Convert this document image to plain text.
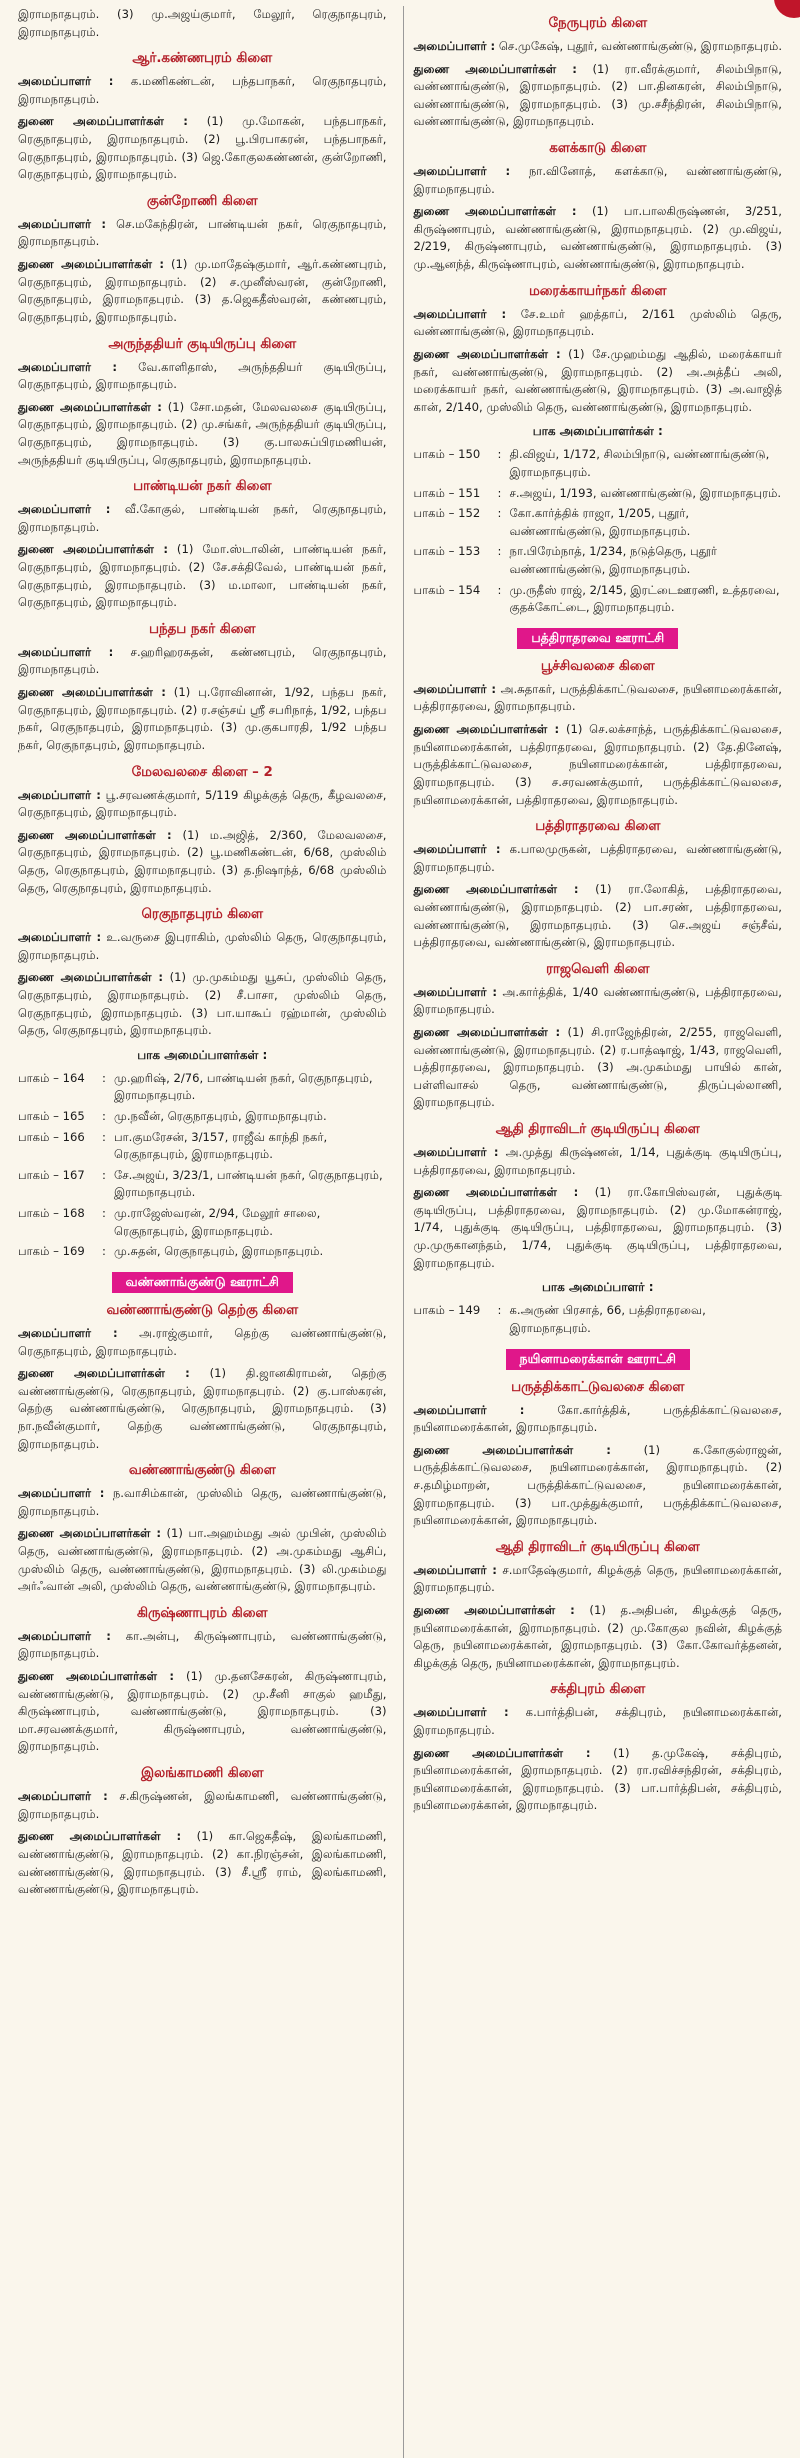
இராமநாதபுரம். (3) மு.அஜய்குமார், மேலூர், ரெகுநாதபுரம், இராமநாதபுரம்.

ஆர்.கண்ணபுரம் கிளை

அமைப்பாளர் : க.மணிகண்டன், பந்தபாநகர், ரெகுநாதபுரம், இராமநாதபுரம்.

துணை அமைப்பாளர்கள் : (1) மு.மோகன், பந்தபாநகர், ரெகுநாதபுரம், இராமநாதபுரம். (2) பூ.பிரபாகரன், பந்தபாநகர், ரெகுநாதபுரம், இராமநாதபுரம். (3) ஜெ.கோகுலகண்ணன், குன்றோணி, ரெகுநாதபுரம், இராமநாதபுரம்.

குன்றோணி கிளை

அமைப்பாளர் : செ.மகேந்திரன், பாண்டியன் நகர், ரெகுநாதபுரம், இராமநாதபுரம்.

துணை அமைப்பாளர்கள் : (1) மு.மாதேஷ்குமார், ஆர்.கண்ணபுரம், ரெகுநாதபுரம், இராமநாதபுரம். (2) ச.முனீஸ்வரன், குன்றோணி, ரெகுநாதபுரம், இராமநாதபுரம். (3) த.ஜெகதீஸ்வரன், கண்ணபுரம், ரெகுநாதபுரம், இராமநாதபுரம்.

அருந்ததியர் குடியிருப்பு கிளை

அமைப்பாளர் : வே.காளிதாஸ், அருந்ததியர் குடியிருப்பு, ரெகுநாதபுரம், இராமநாதபுரம்.

துணை அமைப்பாளர்கள் : (1) சோ.மதன், மேலவலசை குடியிருப்பு, ரெகுநாதபுரம், இராமநாதபுரம். (2) மு.சங்கர், அருந்ததியர் குடியிருப்பு, ரெகுநாதபுரம், இராமநாதபுரம். (3) கு.பாலசுப்பிரமணியன், அருந்ததியர் குடியிருப்பு, ரெகுநாதபுரம், இராமநாதபுரம்.

பாண்டியன் நகர் கிளை

அமைப்பாளர் : வீ.கோகுல், பாண்டியன் நகர், ரெகுநாதபுரம், இராமநாதபுரம்.

துணை அமைப்பாளர்கள் : (1) மோ.ஸ்டாலின், பாண்டியன் நகர், ரெகுநாதபுரம், இராமநாதபுரம். (2) சே.சக்திவேல், பாண்டியன் நகர், ரெகுநாதபுரம், இராமநாதபுரம். (3) ம.மாலா, பாண்டியன் நகர், ரெகுநாதபுரம், இராமநாதபுரம்.

பந்தப நகர் கிளை

அமைப்பாளர் : ச.ஹரிஹரசுதன், கண்ணபுரம், ரெகுநாதபுரம், இராமநாதபுரம்.

துணை அமைப்பாளர்கள் : (1) பு.ரோவினான், 1/92, பந்தப நகர், ரெகுநாதபுரம், இராமநாதபுரம். (2) ர.சஞ்சய் ஸ்ரீ சபரிநாத், 1/92, பந்தப நகர், ரெகுநாதபுரம், இராமநாதபுரம். (3) மு.குகபாரதி, 1/92 பந்தப நகர், ரெகுநாதபுரம், இராமநாதபுரம்.

மேலவலசை கிளை – 2

அமைப்பாளர் : பூ.சரவணக்குமார், 5/119 கிழக்குத் தெரு, கீழவலசை, ரெகுநாதபுரம், இராமநாதபுரம்.

துணை அமைப்பாளர்கள் : (1) ம.அஜித், 2/360, மேலவலசை, ரெகுநாதபுரம், இராமநாதபுரம். (2) பூ.மணிகண்டன், 6/68, முஸ்லிம் தெரு, ரெகுநாதபுரம், இராமநாதபுரம். (3) த.நிஷாந்த், 6/68 முஸ்லிம் தெரு, ரெகுநாதபுரம், இராமநாதபுரம்.

ரெகுநாதபுரம் கிளை

அமைப்பாளர் : உ.வருசை இபுராகிம், முஸ்லிம் தெரு, ரெகுநாதபுரம், இராமநாதபுரம்.

துணை அமைப்பாளர்கள் : (1) மு.முகம்மது யூசுப், முஸ்லிம் தெரு, ரெகுநாதபுரம், இராமநாதபுரம். (2) சீ.பாசா, முஸ்லிம் தெரு, ரெகுநாதபுரம், இராமநாதபுரம். (3) பா.யாகூப் ரஹ்மான், முஸ்லிம் தெரு, ரெகுநாதபுரம், இராமநாதபுரம்.

பாக அமைப்பாளர்கள் :
பாகம் – 164	:	மு.ஹரிஷ், 2/76, பாண்டியன் நகர், ரெகுநாதபுரம், இராமநாதபுரம்.
பாகம் – 165	:	மு.நவீன், ரெகுநாதபுரம், இராமநாதபுரம்.
பாகம் – 166	:	பா.குமரேசன், 3/157, ராஜீவ் காந்தி நகர், ரெகுநாதபுரம், இராமநாதபுரம்.
பாகம் – 167	:	சே.அஜய், 3/23/1, பாண்டியன் நகர், ரெகுநாதபுரம், இராமநாதபுரம்.
பாகம் – 168	:	மு.ராஜேஸ்வரன், 2/94, மேலூர் சாலை, ரெகுநாதபுரம், இராமநாதபுரம்.
பாகம் – 169	:	மு.சுதன், ரெகுநாதபுரம், இராமநாதபுரம்.
வண்ணாங்குண்டு ஊராட்சி
வண்ணாங்குண்டு தெற்கு கிளை

அமைப்பாளர் : அ.ராஜ்குமார், தெற்கு வண்ணாங்குண்டு, ரெகுநாதபுரம், இராமநாதபுரம்.

துணை அமைப்பாளர்கள் : (1) தி.ஜானகிராமன், தெற்கு வண்ணாங்குண்டு, ரெகுநாதபுரம், இராமநாதபுரம். (2) கு.பாஸ்கரன், தெற்கு வண்ணாங்குண்டு, ரெகுநாதபுரம், இராமநாதபுரம். (3) நா.நவீன்குமார், தெற்கு வண்ணாங்குண்டு, ரெகுநாதபுரம், இராமநாதபுரம்.

வண்ணாங்குண்டு கிளை

அமைப்பாளர் : ந.வாசிம்கான், முஸ்லிம் தெரு, வண்ணாங்குண்டு, இராமநாதபுரம்.

துணை அமைப்பாளர்கள் : (1) பா.அஹம்மது அல் முபின், முஸ்லிம் தெரு, வண்ணாங்குண்டு, இராமநாதபுரம். (2) அ.முகம்மது ஆசிப், முஸ்லிம் தெரு, வண்ணாங்குண்டு, இராமநாதபுரம். (3) லி.முகம்மது அர்ஃவான் அலி, முஸ்லிம் தெரு, வண்ணாங்குண்டு, இராமநாதபுரம்.

கிருஷ்ணாபுரம் கிளை

அமைப்பாளர் : கா.அன்பு, கிருஷ்ணாபுரம், வண்ணாங்குண்டு, இராமநாதபுரம்.

துணை அமைப்பாளர்கள் : (1) மு.தனசேகரன், கிருஷ்ணாபுரம், வண்ணாங்குண்டு, இராமநாதபுரம். (2) மு.சீனி சாகுல் ஹமீது, கிருஷ்ணாபுரம், வண்ணாங்குண்டு, இராமநாதபுரம். (3) மா.சரவணக்குமார், கிருஷ்ணாபுரம், வண்ணாங்குண்டு, இராமநாதபுரம்.

இலங்காமணி கிளை

அமைப்பாளர் : ச.கிருஷ்ணன், இலங்காமணி, வண்ணாங்குண்டு, இராமநாதபுரம்.

துணை அமைப்பாளர்கள் : (1) கா.ஜெகதீஷ், இலங்காமணி, வண்ணாங்குண்டு, இராமநாதபுரம். (2) கா.நிரஞ்சன், இலங்காமணி, வண்ணாங்குண்டு, இராமநாதபுரம். (3) சீ.ஸ்ரீ ராம், இலங்காமணி, வண்ணாங்குண்டு, இராமநாதபுரம்.

நேருபுரம் கிளை

அமைப்பாளர் : செ.முகேஷ், புதூர், வண்ணாங்குண்டு, இராமநாதபுரம்.

துணை அமைப்பாளர்கள் : (1) ரா.வீரக்குமார், சிலம்பிநாடு, வண்ணாங்குண்டு, இராமநாதபுரம். (2) பா.தினகரன், சிலம்பிநாடு, வண்ணாங்குண்டு, இராமநாதபுரம். (3) மு.சசீந்திரன், சிலம்பிநாடு, வண்ணாங்குண்டு, இராமநாதபுரம்.

களக்காடு கிளை

அமைப்பாளர் : நா.வினோத், களக்காடு, வண்ணாங்குண்டு, இராமநாதபுரம்.

துணை அமைப்பாளர்கள் : (1) பா.பாலகிருஷ்ணன், 3/251, கிருஷ்ணாபுரம், வண்ணாங்குண்டு, இராமநாதபுரம். (2) மு.விஜய், 2/219, கிருஷ்ணாபுரம், வண்ணாங்குண்டு, இராமநாதபுரம். (3) மு.ஆனந்த், கிருஷ்ணாபுரம், வண்ணாங்குண்டு, இராமநாதபுரம்.

மரைக்காயர்நகர் கிளை

அமைப்பாளர் : சே.உமர் ஹத்தாப், 2/161 முஸ்லிம் தெரு, வண்ணாங்குண்டு, இராமநாதபுரம்.

துணை அமைப்பாளர்கள் : (1) சே.முஹம்மது ஆதில், மரைக்காயர் நகர், வண்ணாங்குண்டு, இராமநாதபுரம். (2) அ.அத்தீப் அலி, மரைக்காயர் நகர், வண்ணாங்குண்டு, இராமநாதபுரம். (3) அ.வாஜித் கான், 2/140, முஸ்லிம் தெரு, வண்ணாங்குண்டு, இராமநாதபுரம்.

பாக அமைப்பாளர்கள் :
பாகம் – 150	:	தி.விஜய், 1/172, சிலம்பிநாடு, வண்ணாங்குண்டு, இராமநாதபுரம்.
பாகம் – 151	:	ச.அஜய், 1/193, வண்ணாங்குண்டு, இராமநாதபுரம்.
பாகம் – 152	:	கோ.கார்த்திக் ராஜா, 1/205, புதூர், வண்ணாங்குண்டு, இராமநாதபுரம்.
பாகம் – 153	:	நா.பிரேம்நாத், 1/234, நடுத்தெரு, புதூர் வண்ணாங்குண்டு, இராமநாதபுரம்.
பாகம் – 154	:	மு.ருதீஸ் ராஜ், 2/145, இரட்டைஊரணி, உத்தரவை, குதக்கோட்டை, இராமநாதபுரம்.
பத்திராதரவை ஊராட்சி
பூச்சிவலசை கிளை

அமைப்பாளர் : அ.சுதாகர், பருத்திக்காட்டுவலசை, நயினாமரைக்கான், பத்திராதரவை, இராமநாதபுரம்.

துணை அமைப்பாளர்கள் : (1) செ.லக்சாந்த், பருத்திக்காட்டுவலசை, நயினாமரைக்கான், பத்திராதரவை, இராமநாதபுரம். (2) தே.தினேஷ், பருத்திக்காட்டுவலசை, நயினாமரைக்கான், பத்திராதரவை, இராமநாதபுரம். (3) ச.சரவணக்குமார், பருத்திக்காட்டுவலசை, நயினாமரைக்கான், பத்திராதரவை, இராமநாதபுரம்.

பத்திராதரவை கிளை

அமைப்பாளர் : க.பாலமுருகன், பத்திராதரவை, வண்ணாங்குண்டு, இராமநாதபுரம்.

துணை அமைப்பாளர்கள் : (1) ரா.லோகித், பத்திராதரவை, வண்ணாங்குண்டு, இராமநாதபுரம். (2) பா.சரண், பத்திராதரவை, வண்ணாங்குண்டு, இராமநாதபுரம். (3) செ.அஜய் சஞ்சீவ், பத்திராதரவை, வண்ணாங்குண்டு, இராமநாதபுரம்.

ராஜவெளி கிளை

அமைப்பாளர் : அ.கார்த்திக், 1/40 வண்ணாங்குண்டு, பத்திராதரவை, இராமநாதபுரம்.

துணை அமைப்பாளர்கள் : (1) சி.ராஜேந்திரன், 2/255, ராஜவெளி, வண்ணாங்குண்டு, இராமநாதபுரம். (2) ர.பாத்ஷாஜ், 1/43, ராஜவெளி, பத்திராதரவை, இராமநாதபுரம். (3) அ.முகம்மது பாயில் கான், பள்ளிவாசல் தெரு, வண்ணாங்குண்டு, திருப்புல்லாணி, இராமநாதபுரம்.

ஆதி திராவிடர் குடியிருப்பு கிளை

அமைப்பாளர் : அ.முத்து கிருஷ்ணன், 1/14, புதுக்குடி குடியிருப்பு, பத்திராதரவை, இராமநாதபுரம்.

துணை அமைப்பாளர்கள் : (1) ரா.கோபிஸ்வரன், புதுக்குடி குடியிருப்பு, பத்திராதரவை, இராமநாதபுரம். (2) மு.மோகன்ராஜ், 1/74, புதுக்குடி குடியிருப்பு, பத்திராதரவை, இராமநாதபுரம். (3) மு.முருகானந்தம், 1/74, புதுக்குடி குடியிருப்பு, பத்திராதரவை, இராமநாதபுரம்.

பாக அமைப்பாளர் :
பாகம் – 149	:	க.அருண் பிரசாத், 66, பத்திராதரவை, இராமநாதபுரம்.
நயினாமரைக்கான் ஊராட்சி
பருத்திக்காட்டுவலசை கிளை

அமைப்பாளர் : கோ.கார்த்திக், பருத்திக்காட்டுவலசை, நயினாமரைக்கான், இராமநாதபுரம்.

துணை அமைப்பாளர்கள் : (1) க.கோகுல்ராஜன், பருத்திக்காட்டுவலசை, நயினாமரைக்கான், இராமநாதபுரம். (2) ச.தமிழ்மாறன், பருத்திக்காட்டுவலசை, நயினாமரைக்கான், இராமநாதபுரம். (3) பா.முத்துக்குமார், பருத்திக்காட்டுவலசை, நயினாமரைக்கான், இராமநாதபுரம்.

ஆதி திராவிடர் குடியிருப்பு கிளை

அமைப்பாளர் : ச.மாதேஷ்குமார், கிழக்குத் தெரு, நயினாமரைக்கான், இராமநாதபுரம்.

துணை அமைப்பாளர்கள் : (1) த.அதிபன், கிழக்குத் தெரு, நயினாமரைக்கான், இராமநாதபுரம். (2) மு.கோகுல நவின், கிழக்குத் தெரு, நயினாமரைக்கான், இராமநாதபுரம். (3) கோ.கோவர்த்தனன், கிழக்குத் தெரு, நயினாமரைக்கான், இராமநாதபுரம்.

சக்திபுரம் கிளை

அமைப்பாளர் : க.பார்த்திபன், சக்திபுரம், நயினாமரைக்கான், இராமநாதபுரம்.

துணை அமைப்பாளர்கள் : (1) த.முகேஷ், சக்திபுரம், நயினாமரைக்கான், இராமநாதபுரம். (2) ரா.ரவிச்சந்திரன், சக்திபுரம், நயினாமரைக்கான், இராமநாதபுரம். (3) பா.பார்த்திபன், சக்திபுரம், நயினாமரைக்கான், இராமநாதபுரம்.
